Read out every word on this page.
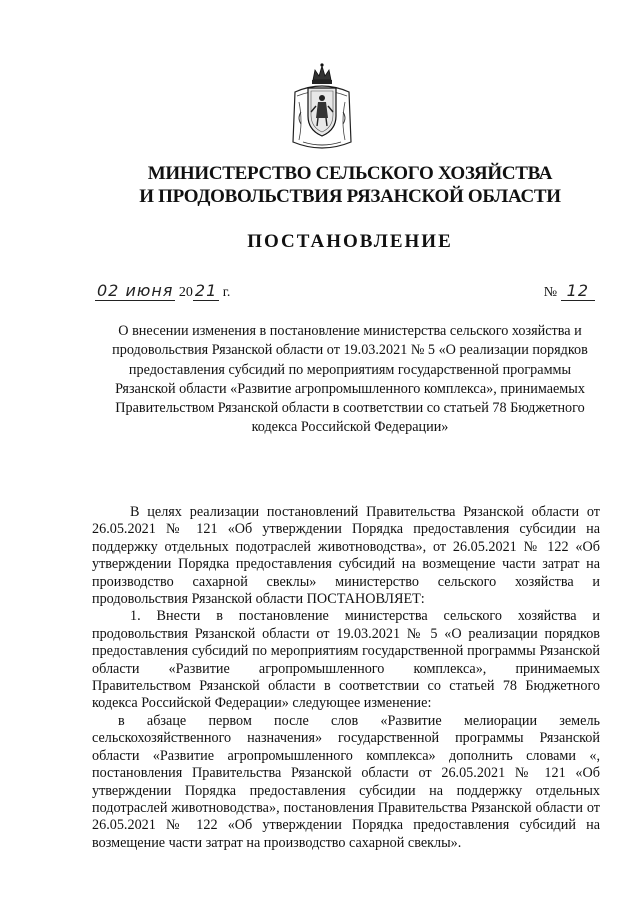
МИНИСТЕРСТВО СЕЛЬСКОГО ХОЗЯЙСТВА
И ПРОДОВОЛЬСТВИЯ РЯЗАНСКОЙ ОБЛАСТИ
ПОСТАНОВЛЕНИЕ
02 июня 20 21 г.	№ 12
О внесении изменения в постановление министерства сельского хозяйства и продовольствия Рязанской области от 19.03.2021 № 5 «О реализации порядков предоставления субсидий по мероприятиям государственной программы Рязанской области «Развитие агропромышленного комплекса», принимаемых Правительством Рязанской области в соответствии со статьей 78 Бюджетного кодекса Российской Федерации»

В целях реализации постановлений Правительства Рязанской области от 26.05.2021 № 121 «Об утверждении Порядка предоставления субсидии на поддержку отдельных подотраслей животноводства», от 26.05.2021 № 122 «Об утверждении Порядка предоставления субсидий на возмещение части затрат на производство сахарной свеклы» министерство сельского хозяйства и продовольствия Рязанской области ПОСТАНОВЛЯЕТ:

1. Внести в постановление министерства сельского хозяйства и продовольствия Рязанской области от 19.03.2021 № 5 «О реализации порядков предоставления субсидий по мероприятиям государственной программы Рязанской области «Развитие агропромышленного комплекса», принимаемых Правительством Рязанской области в соответствии со статьей 78 Бюджетного кодекса Российской Федерации» следующее изменение:

в абзаце первом после слов «Развитие мелиорации земель сельскохозяйственного назначения» государственной программы Рязанской области «Развитие агропромышленного комплекса» дополнить словами «, постановления Правительства Рязанской области от 26.05.2021 № 121 «Об утверждении Порядка предоставления субсидии на поддержку отдельных подотраслей животноводства», постановления Правительства Рязанской области от 26.05.2021 № 122 «Об утверждении Порядка предоставления субсидий на возмещение части затрат на производство сахарной свеклы».
